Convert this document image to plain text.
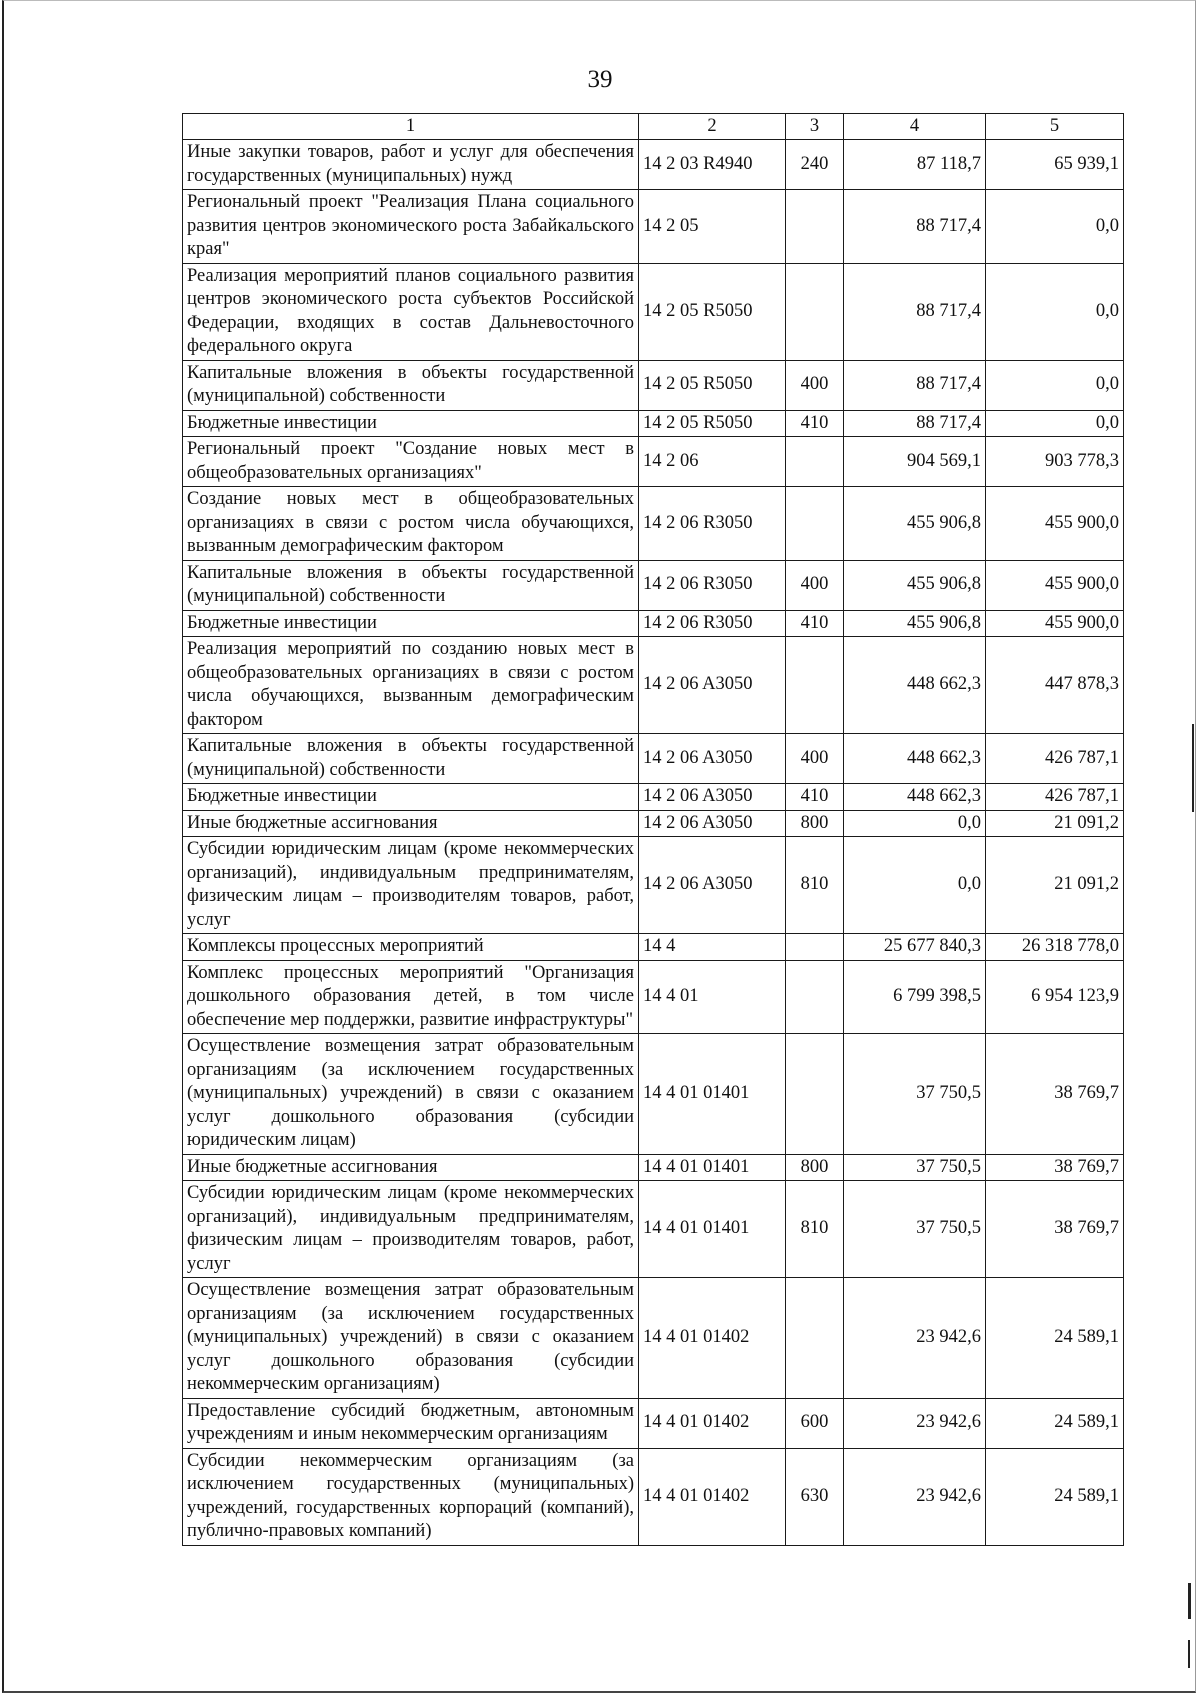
39
1	2	3	4	5
Иные закупки товаров, работ и услуг для обеспечения государственных (муниципальных) нужд	14 2 03 R4940	240	87 118,7	65 939,1
Региональный проект "Реализация Плана социального развития центров экономического роста Забайкальского края"	14 2 05		88 717,4	0,0
Реализация мероприятий планов социального развития центров экономического роста субъектов Российской Федерации, входящих в состав Дальневосточного федерального округа	14 2 05 R5050		88 717,4	0,0
Капитальные вложения в объекты государственной (муниципальной) собственности	14 2 05 R5050	400	88 717,4	0,0
Бюджетные инвестиции	14 2 05 R5050	410	88 717,4	0,0
Региональный проект "Создание новых мест в общеобразовательных организациях"	14 2 06		904 569,1	903 778,3
Создание новых мест в общеобразовательных организациях в связи с ростом числа обучающихся, вызванным демографическим фактором	14 2 06 R3050		455 906,8	455 900,0
Капитальные вложения в объекты государственной (муниципальной) собственности	14 2 06 R3050	400	455 906,8	455 900,0
Бюджетные инвестиции	14 2 06 R3050	410	455 906,8	455 900,0
Реализация мероприятий по созданию новых мест в общеобразовательных организациях в связи с ростом числа обучающихся, вызванным демографическим фактором	14 2 06 A3050		448 662,3	447 878,3
Капитальные вложения в объекты государственной (муниципальной) собственности	14 2 06 A3050	400	448 662,3	426 787,1
Бюджетные инвестиции	14 2 06 A3050	410	448 662,3	426 787,1
Иные бюджетные ассигнования	14 2 06 A3050	800	0,0	21 091,2
Субсидии юридическим лицам (кроме некоммерческих организаций), индивидуальным предпринимателям, физическим лицам – производителям товаров, работ, услуг	14 2 06 A3050	810	0,0	21 091,2
Комплексы процессных мероприятий	14 4		25 677 840,3	26 318 778,0
Комплекс процессных мероприятий "Организация дошкольного образования детей, в том числе обеспечение мер поддержки, развитие инфраструктуры"	14 4 01		6 799 398,5	6 954 123,9
Осуществление возмещения затрат образовательным организациям (за исключением государственных (муниципальных) учреждений) в связи с оказанием услуг дошкольного образования (субсидии юридическим лицам)	14 4 01 01401		37 750,5	38 769,7
Иные бюджетные ассигнования	14 4 01 01401	800	37 750,5	38 769,7
Субсидии юридическим лицам (кроме некоммерческих организаций), индивидуальным предпринимателям, физическим лицам – производителям товаров, работ, услуг	14 4 01 01401	810	37 750,5	38 769,7
Осуществление возмещения затрат образовательным организациям (за исключением государственных (муниципальных) учреждений) в связи с оказанием услуг дошкольного образования (субсидии некоммерческим организациям)	14 4 01 01402		23 942,6	24 589,1
Предоставление субсидий бюджетным, автономным учреждениям и иным некоммерческим организациям	14 4 01 01402	600	23 942,6	24 589,1
Субсидии некоммерческим организациям (за исключением государственных (муниципальных) учреждений, государственных корпораций (компаний), публично-правовых компаний)	14 4 01 01402	630	23 942,6	24 589,1
